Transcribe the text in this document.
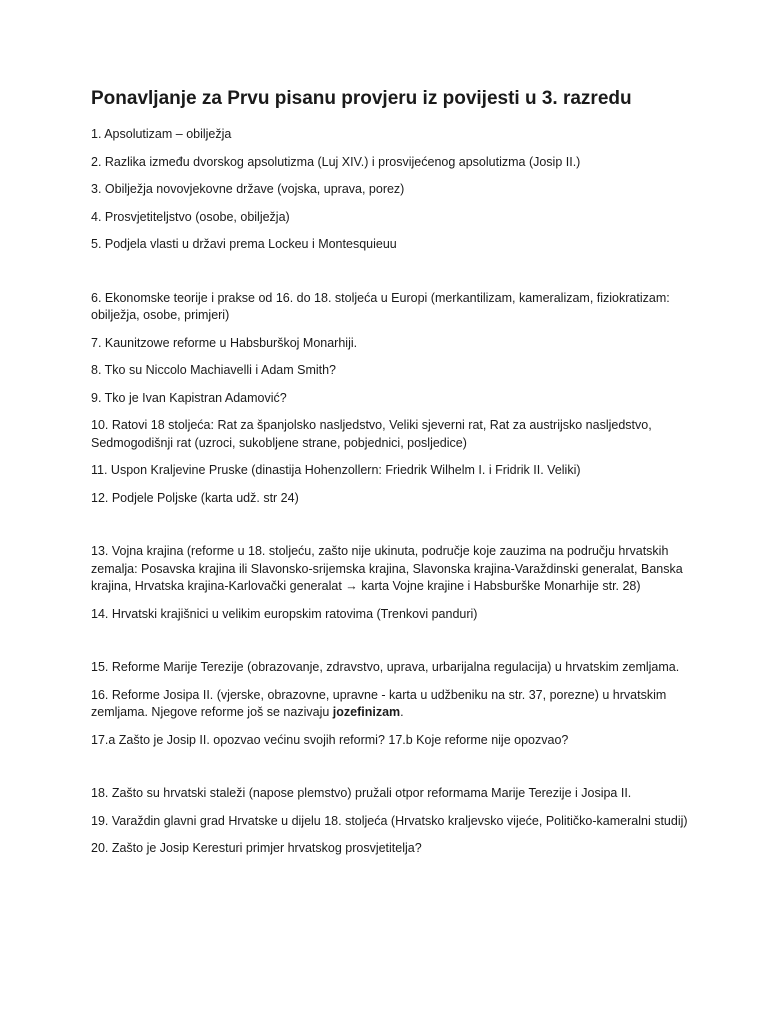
Ponavljanje za Prvu pisanu provjeru iz povijesti u 3. razredu

1. Apsolutizam – obilježja

2. Razlika između dvorskog apsolutizma (Luj XIV.) i prosvijećenog apsolutizma (Josip II.)

3. Obilježja novovjekovne države (vojska, uprava, porez)

4. Prosvjetiteljstvo (osobe, obilježja)

5. Podjela vlasti u državi prema Lockeu i Montesquieuu

6. Ekonomske teorije i prakse od 16. do 18. stoljeća u Europi (merkantilizam, kameralizam, fiziokratizam: obilježja, osobe, primjeri)

7. Kaunitzowe reforme u Habsburškoj Monarhiji.

8. Tko su Niccolo Machiavelli i Adam Smith?

9. Tko je Ivan Kapistran Adamović?

10. Ratovi 18 stoljeća: Rat za španjolsko nasljedstvo, Veliki sjeverni rat, Rat za austrijsko nasljedstvo, Sedmogodišnji rat (uzroci, sukobljene strane, pobjednici, posljedice)

11. Uspon Kraljevine Pruske (dinastija Hohenzollern: Friedrik Wilhelm I. i Fridrik II. Veliki)

12. Podjele Poljske (karta udž. str 24)

13. Vojna krajina (reforme u 18. stoljeću, zašto nije ukinuta, područje koje zauzima na području hrvatskih zemalja: Posavska krajina ili Slavonsko-srijemska krajina, Slavonska krajina-Varaždinski generalat, Banska krajina, Hrvatska krajina-Karlovački generalat → karta Vojne krajine i Habsburške Monarhije str. 28)

14. Hrvatski krajišnici u velikim europskim ratovima (Trenkovi panduri)

15. Reforme Marije Terezije (obrazovanje, zdravstvo, uprava, urbarijalna regulacija) u hrvatskim zemljama.

16. Reforme Josipa II. (vjerske, obrazovne, upravne - karta u udžbeniku na str. 37, porezne) u hrvatskim zemljama. Njegove reforme još se nazivaju jozefinizam.

17.a Zašto je Josip II. opozvao većinu svojih reformi? 17.b Koje reforme nije opozvao?

18. Zašto su hrvatski staleži (napose plemstvo) pružali otpor reformama Marije Terezije i Josipa II.

19. Varaždin glavni grad Hrvatske u dijelu 18. stoljeća (Hrvatsko kraljevsko vijeće, Političko-kameralni studij)

20. Zašto je Josip Keresturi primjer hrvatskog prosvjetitelja?
